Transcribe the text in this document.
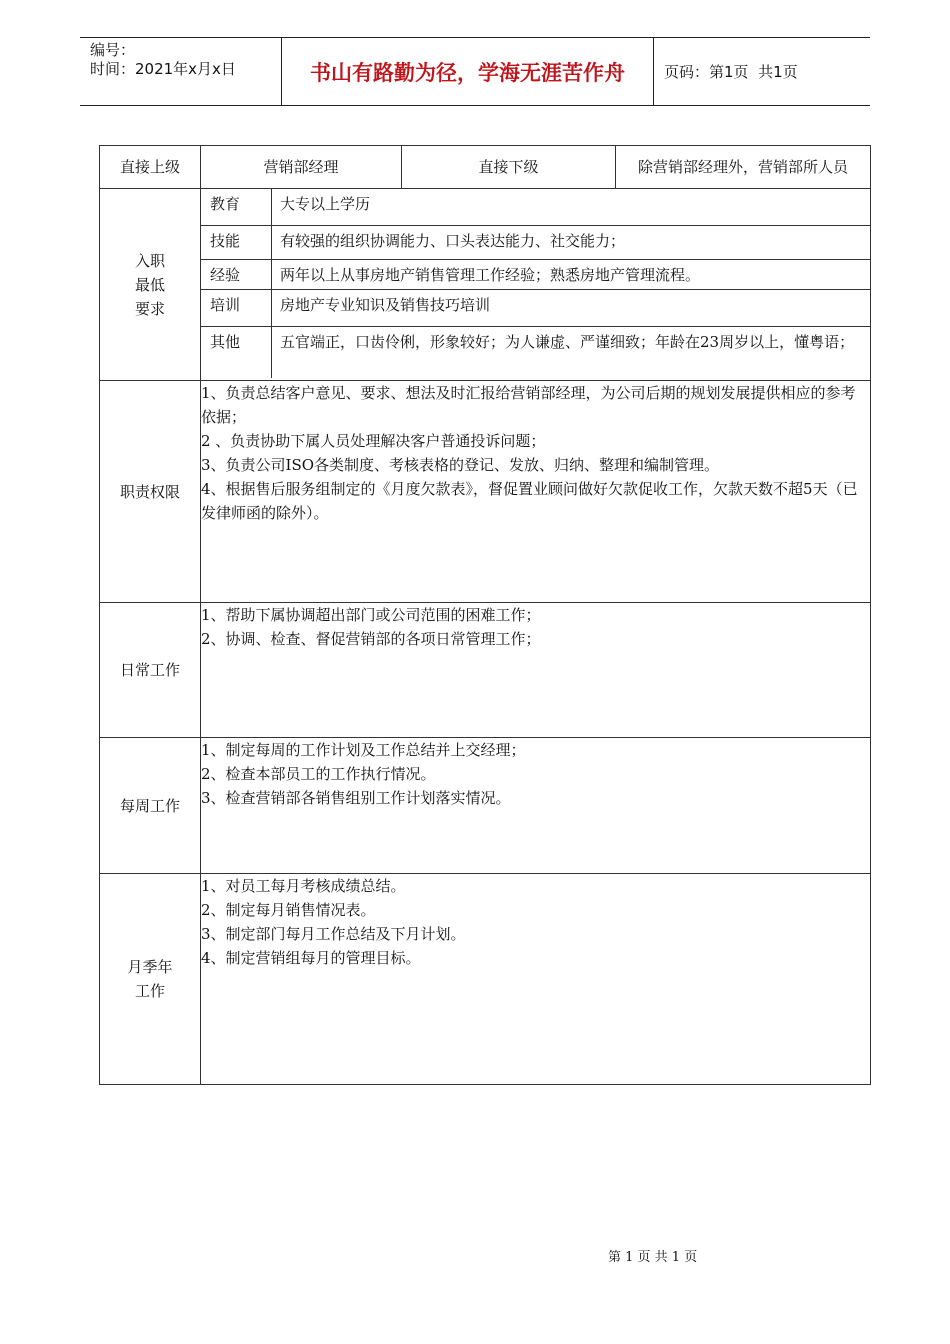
编号：
时间：2021年x月x日	书山有路勤为径，学海无涯苦作舟	页码：第1页  共1页
直接上级	营销部经理	直接下级	除营销部经理外，营销部所人员

入职
最低
要求

教育	大专以上学历
技能	有较强的组织协调能力、口头表达能力、社交能力；
经验	两年以上从事房地产销售管理工作经验；熟悉房地产管理流程。
培训	房地产专业知识及销售技巧培训
其他	五官端正，口齿伶俐，形象较好；为人谦虚、严谨细致；年龄在23周岁以上，懂粤语；

职责权限	
1、负责总结客户意见、要求、想法及时汇报给营销部经理，为公司后期的规划发展提供相应的参考依据；
2 、负责协助下属人员处理解决客户普通投诉问题；
3、负责公司ISO各类制度、考核表格的登记、发放、归纳、整理和编制管理。
4、根据售后服务组制定的《月度欠款表》，督促置业顾问做好欠款促收工作，欠款天数不超5天（已发律师函的除外）。

日常工作	
1、帮助下属协调超出部门或公司范围的困难工作；
2、协调、检查、督促营销部的各项日常管理工作；

每周工作	
1、制定每周的工作计划及工作总结并上交经理；
2、检查本部员工的工作执行情况。
3、检查营销部各销售组别工作计划落实情况。

月季年
工作

1、对员工每月考核成绩总结。
2、制定每月销售情况表。
3、制定部门每月工作总结及下月计划。
4、制定营销组每月的管理目标。
第 1 页 共 1 页
